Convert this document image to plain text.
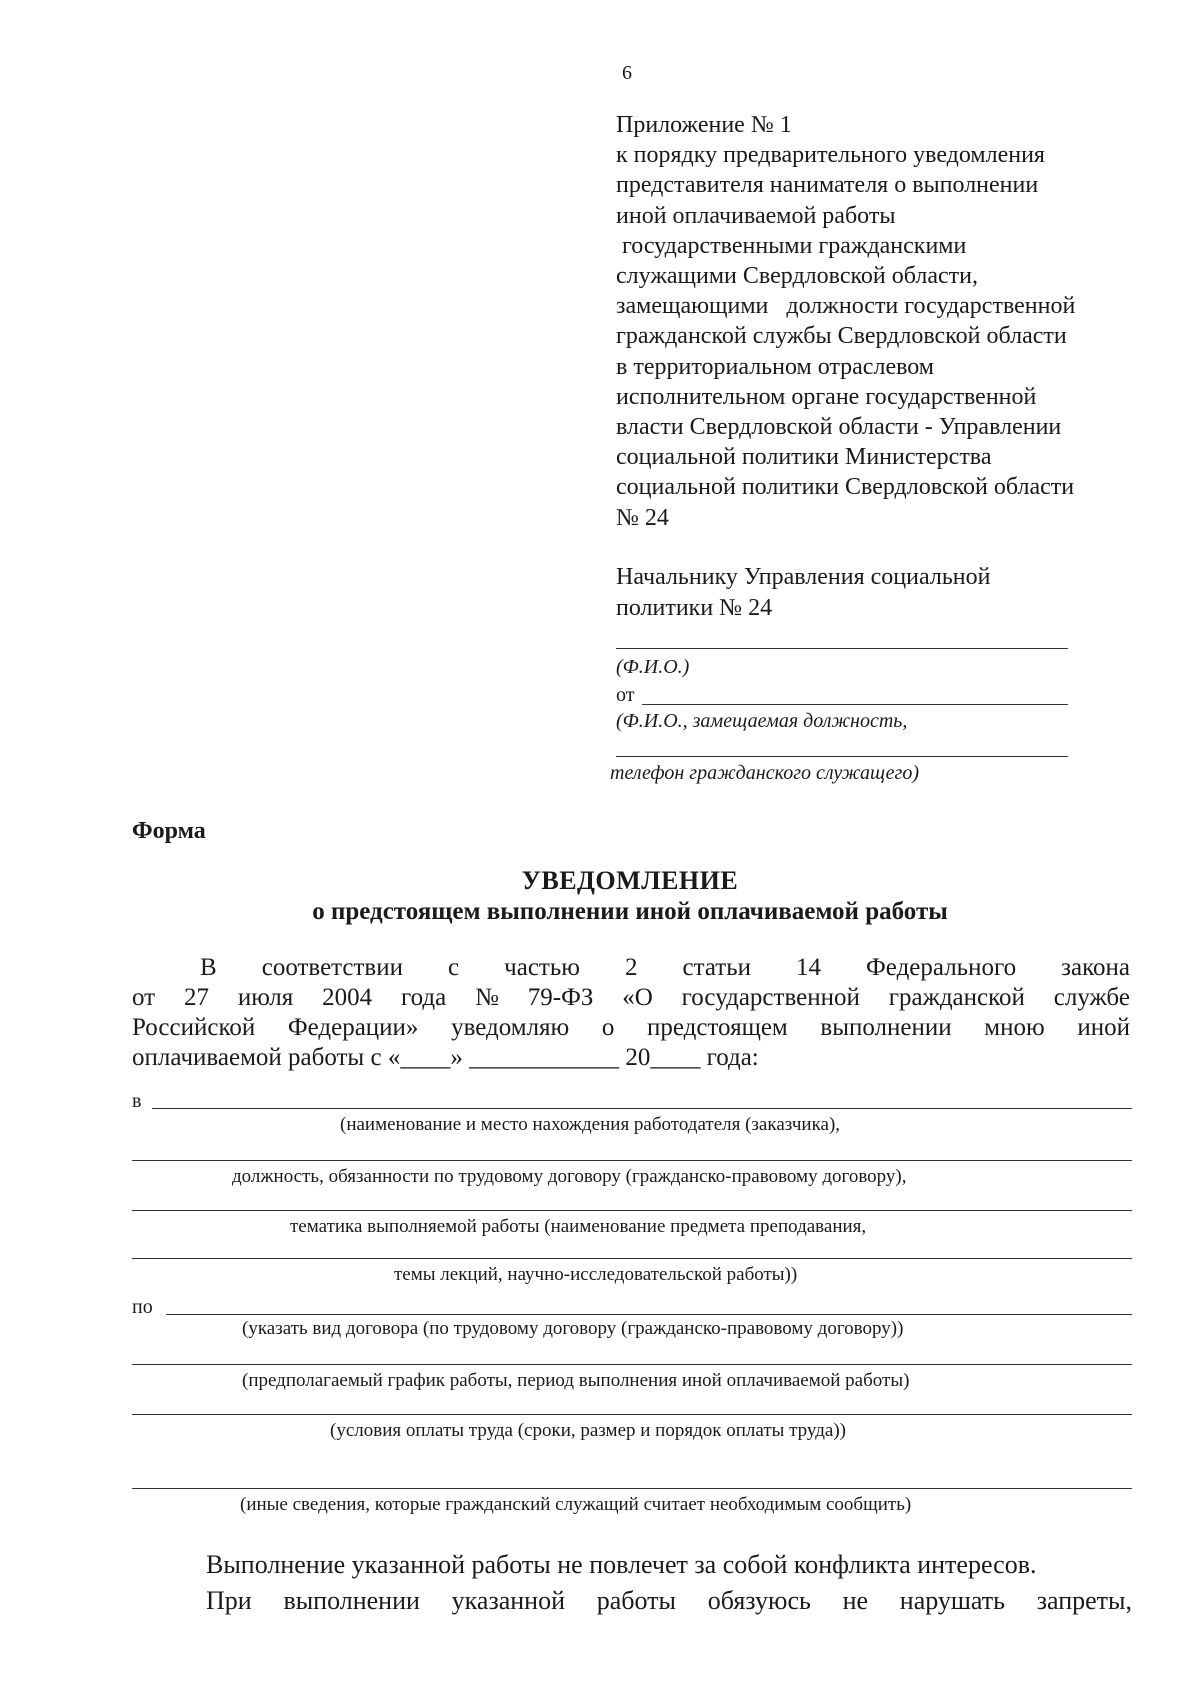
6
Приложение № 1
к порядку предварительного уведомления
представителя нанимателя о выполнении
иной оплачиваемой работы
государственными гражданскими
служащими Свердловской области,
замещающими   должности государственной
гражданской службы Свердловской области
в территориальном отраслевом
исполнительном органе государственной
власти Свердловской области - Управлении
социальной политики Министерства
социальной политики Свердловской области
№ 24
Начальнику Управления социальной
политики № 24
(Ф.И.О.)
от
(Ф.И.О., замещаемая должность,
телефон гражданского служащего)
Форма
УВЕДОМЛЕНИЕ
о предстоящем выполнении иной оплачиваемой работы
В соответствии с частью 2 статьи 14 Федерального закона
от 27 июля 2004 года № 79-ФЗ «О государственной гражданской службе
Российской Федерации» уведомляю о предстоящем выполнении мною иной
оплачиваемой работы с «____» ____________ 20____ года:
в
(наименование и место нахождения работодателя (заказчика),
должность, обязанности по трудовому договору (гражданско-правовому договору),
тематика выполняемой работы (наименование предмета преподавания,
темы лекций, научно-исследовательской работы))
по
(указать вид договора (по трудовому договору (гражданско-правовому договору))
(предполагаемый график работы, период выполнения иной оплачиваемой работы)
(условия оплаты труда (сроки, размер и порядок оплаты труда))
(иные сведения, которые гражданский служащий считает необходимым сообщить)
Выполнение указанной работы не повлечет за собой конфликта интересов.
При выполнении указанной работы обязуюсь не нарушать запреты,
